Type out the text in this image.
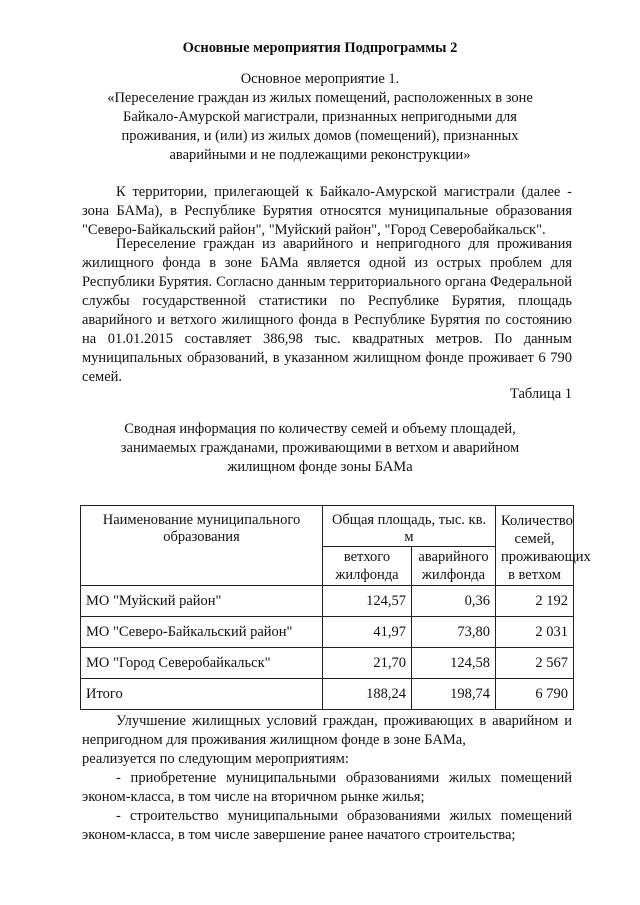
Основные мероприятия Подпрограммы 2
Основное мероприятие 1.
«Переселение граждан из жилых помещений, расположенных в зоне Байкало-Амурской магистрали, признанных непригодными для проживания, и (или) из жилых домов (помещений), признанных аварийными и не подлежащими реконструкции»

К территории, прилегающей к Байкало-Амурской магистрали (далее - зона БАМа), в Республике Бурятия относятся муниципальные образования "Северо-Байкальский район", "Муйский район", "Город Северобайкальск".

Переселение граждан из аварийного и непригодного для проживания жилищного фонда в зоне БАМа является одной из острых проблем для Республики Бурятия. Согласно данным территориального органа Федеральной службы государственной статистики по Республике Бурятия, площадь аварийного и ветхого жилищного фонда в Республике Бурятия по состоянию на 01.01.2015 составляет 386,98 тыс. квадратных метров. По данным муниципальных образований, в указанном жилищном фонде проживает 6 790 семей.

Таблица 1
Сводная информация по количеству семей и объему площадей, занимаемых гражданами, проживающими в ветхом и аварийном жилищном фонде зоны БАМа
Наименование муниципального образования	Общая площадь, тыс. кв. м		Количество семей, проживающих в ветхом

	ветхого жилфонда	аварийного жилфонда	
МО "Муйский район"	124,57	0,36	2 192
МО "Северо-Байкальский район"	41,97	73,80	2 031
МО "Город Северобайкальск"	21,70	124,58	2 567
Итого	188,24	198,74	6 790

Улучшение жилищных условий граждан, проживающих в аварийном и непригодном для проживания жилищном фонде в зоне БАМа,

реализуется по следующим мероприятиям:

- приобретение муниципальными образованиями жилых помещений эконом-класса, в том числе на вторичном рынке жилья;

- строительство муниципальными образованиями жилых помещений эконом-класса, в том числе завершение ранее начатого строительства;
